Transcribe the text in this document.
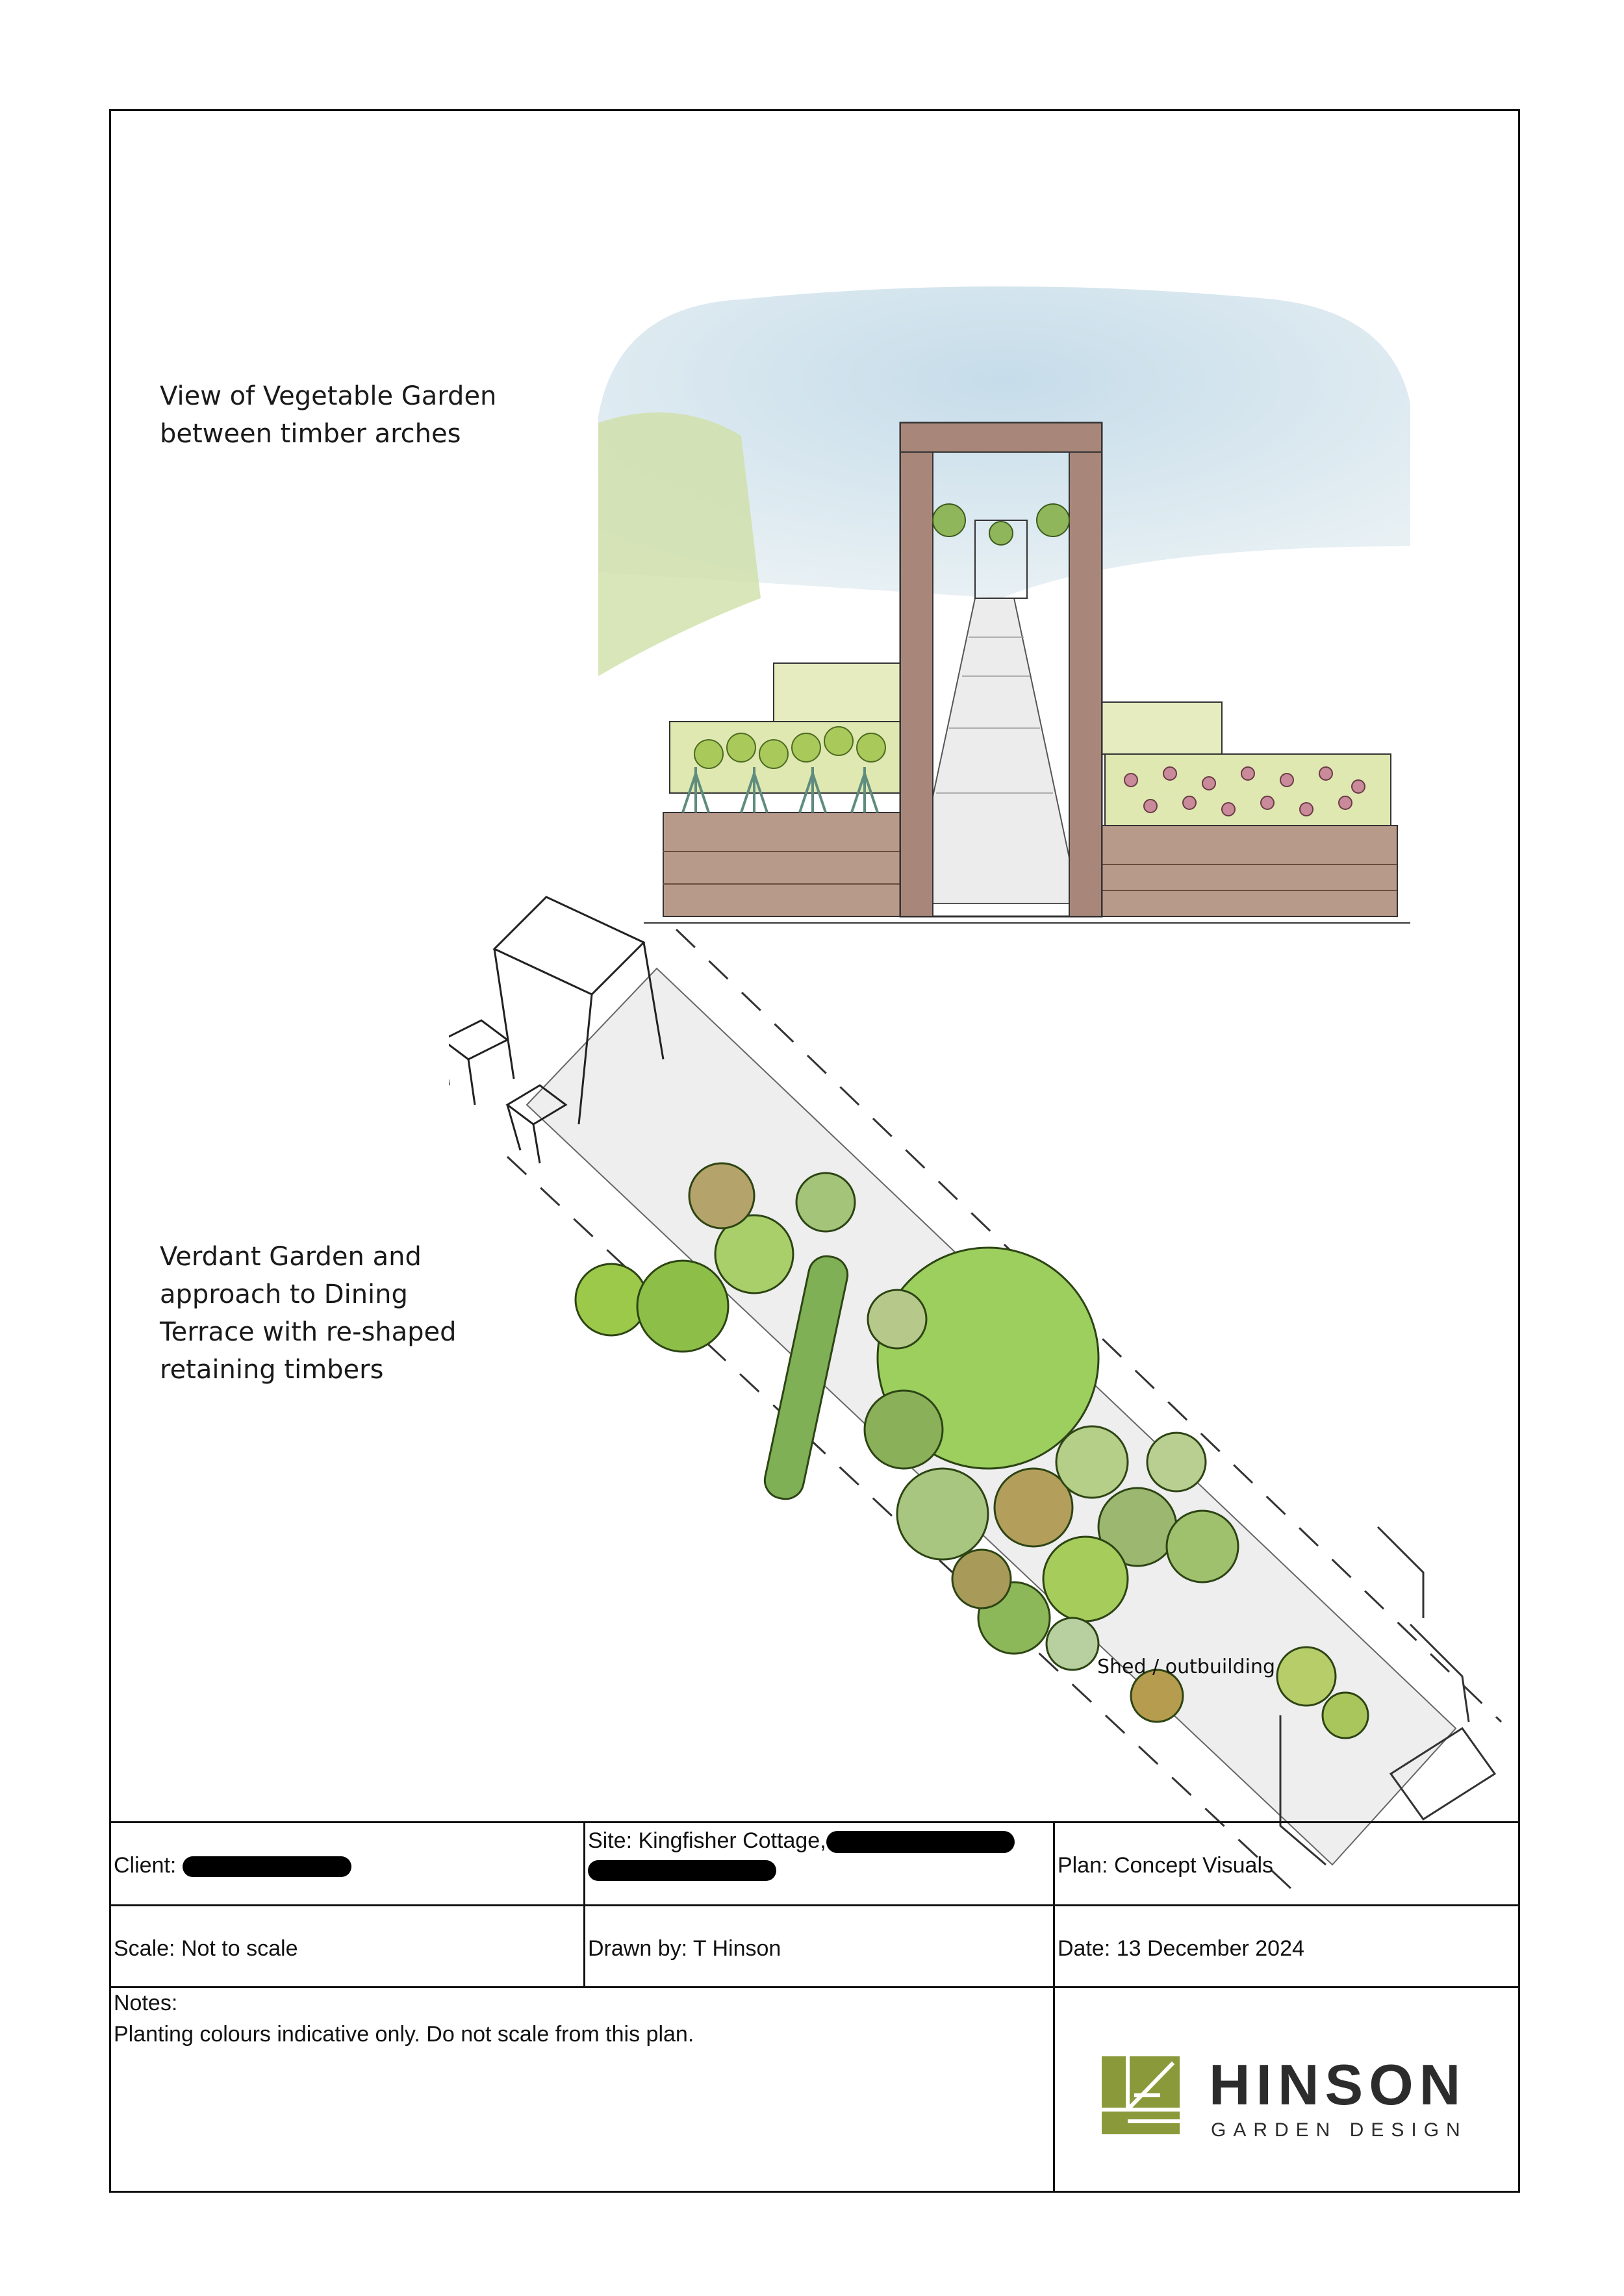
View of Vegetable Garden
between timber arches
Verdant Garden and
approach to Dining
Terrace with re-shaped
retaining timbers
Shed / outbuilding
Client:
Site: Kingfisher Cottage,
Plan: Concept Visuals
Scale: Not to scale	Drawn by: T Hinson	Date: 13 December 2024
Notes:
Planting colours indicative only. Do not scale from this plan.
HINSON
GARDEN DESIGN
